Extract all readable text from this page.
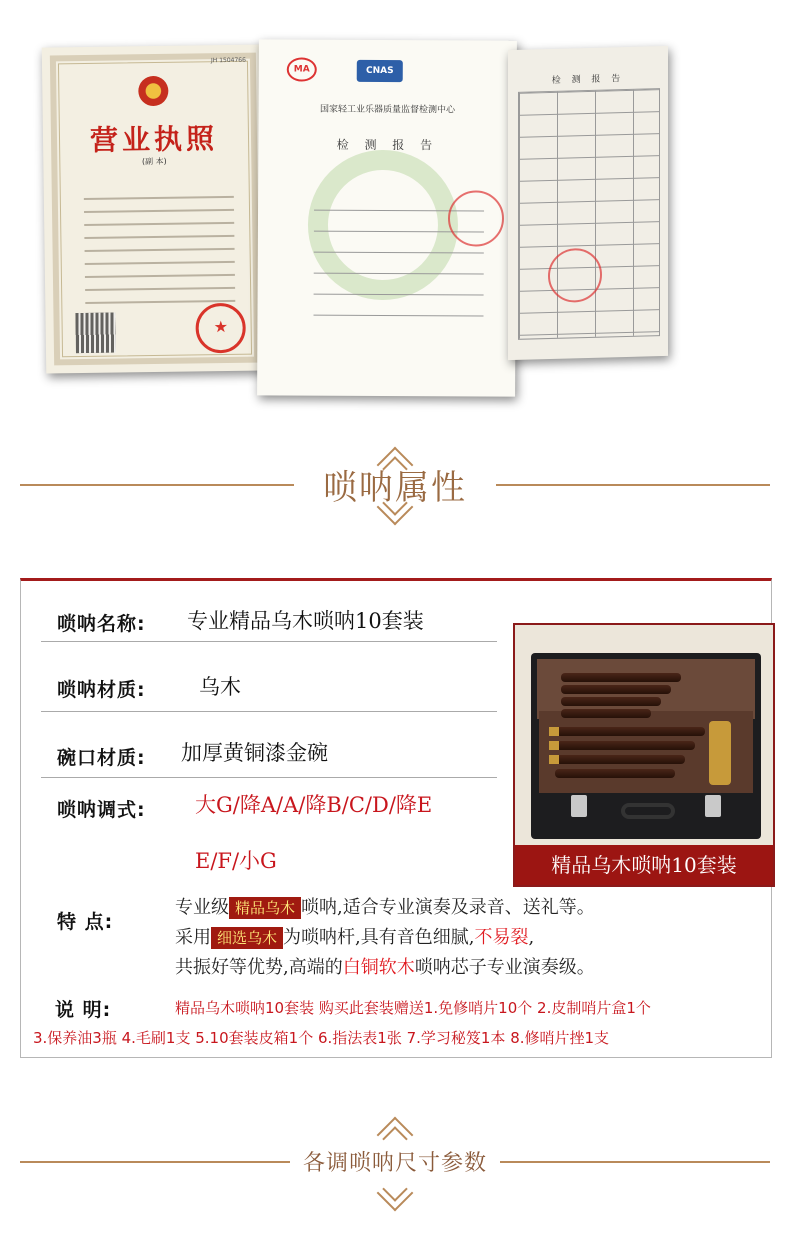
JH 1504766
营业执照
(副 本)
★
MA	CNAS
国家轻工业乐器质量监督检测中心
检 测 报 告
检 测 报 告
唢呐属性
唢呐名称: 专业精品乌木唢呐10套装
唢呐材质:	乌木
碗口材质: 加厚黄铜漆金碗
唢呐调式: 大G/降A/A/降B/C/D/降E
E/F/小G	精品乌木唢呐10套装
特 点:
专业级 精品乌木 唢呐,适合专业演奏及录音、送礼等。
采用 细选乌木 为唢呐杆,具有音色细腻,不易裂,
共振好等优势,高端的白铜软木唢呐芯子专业演奏级。
说 明:	精品乌木唢呐10套装 购买此套装赠送1.免修哨片10个 2.皮制哨片盒1个
3.保养油3瓶 4.毛刷1支 5.10套装皮箱1个 6.指法表1张 7.学习秘笈1本 8.修哨片挫1支
各调唢呐尺寸参数
